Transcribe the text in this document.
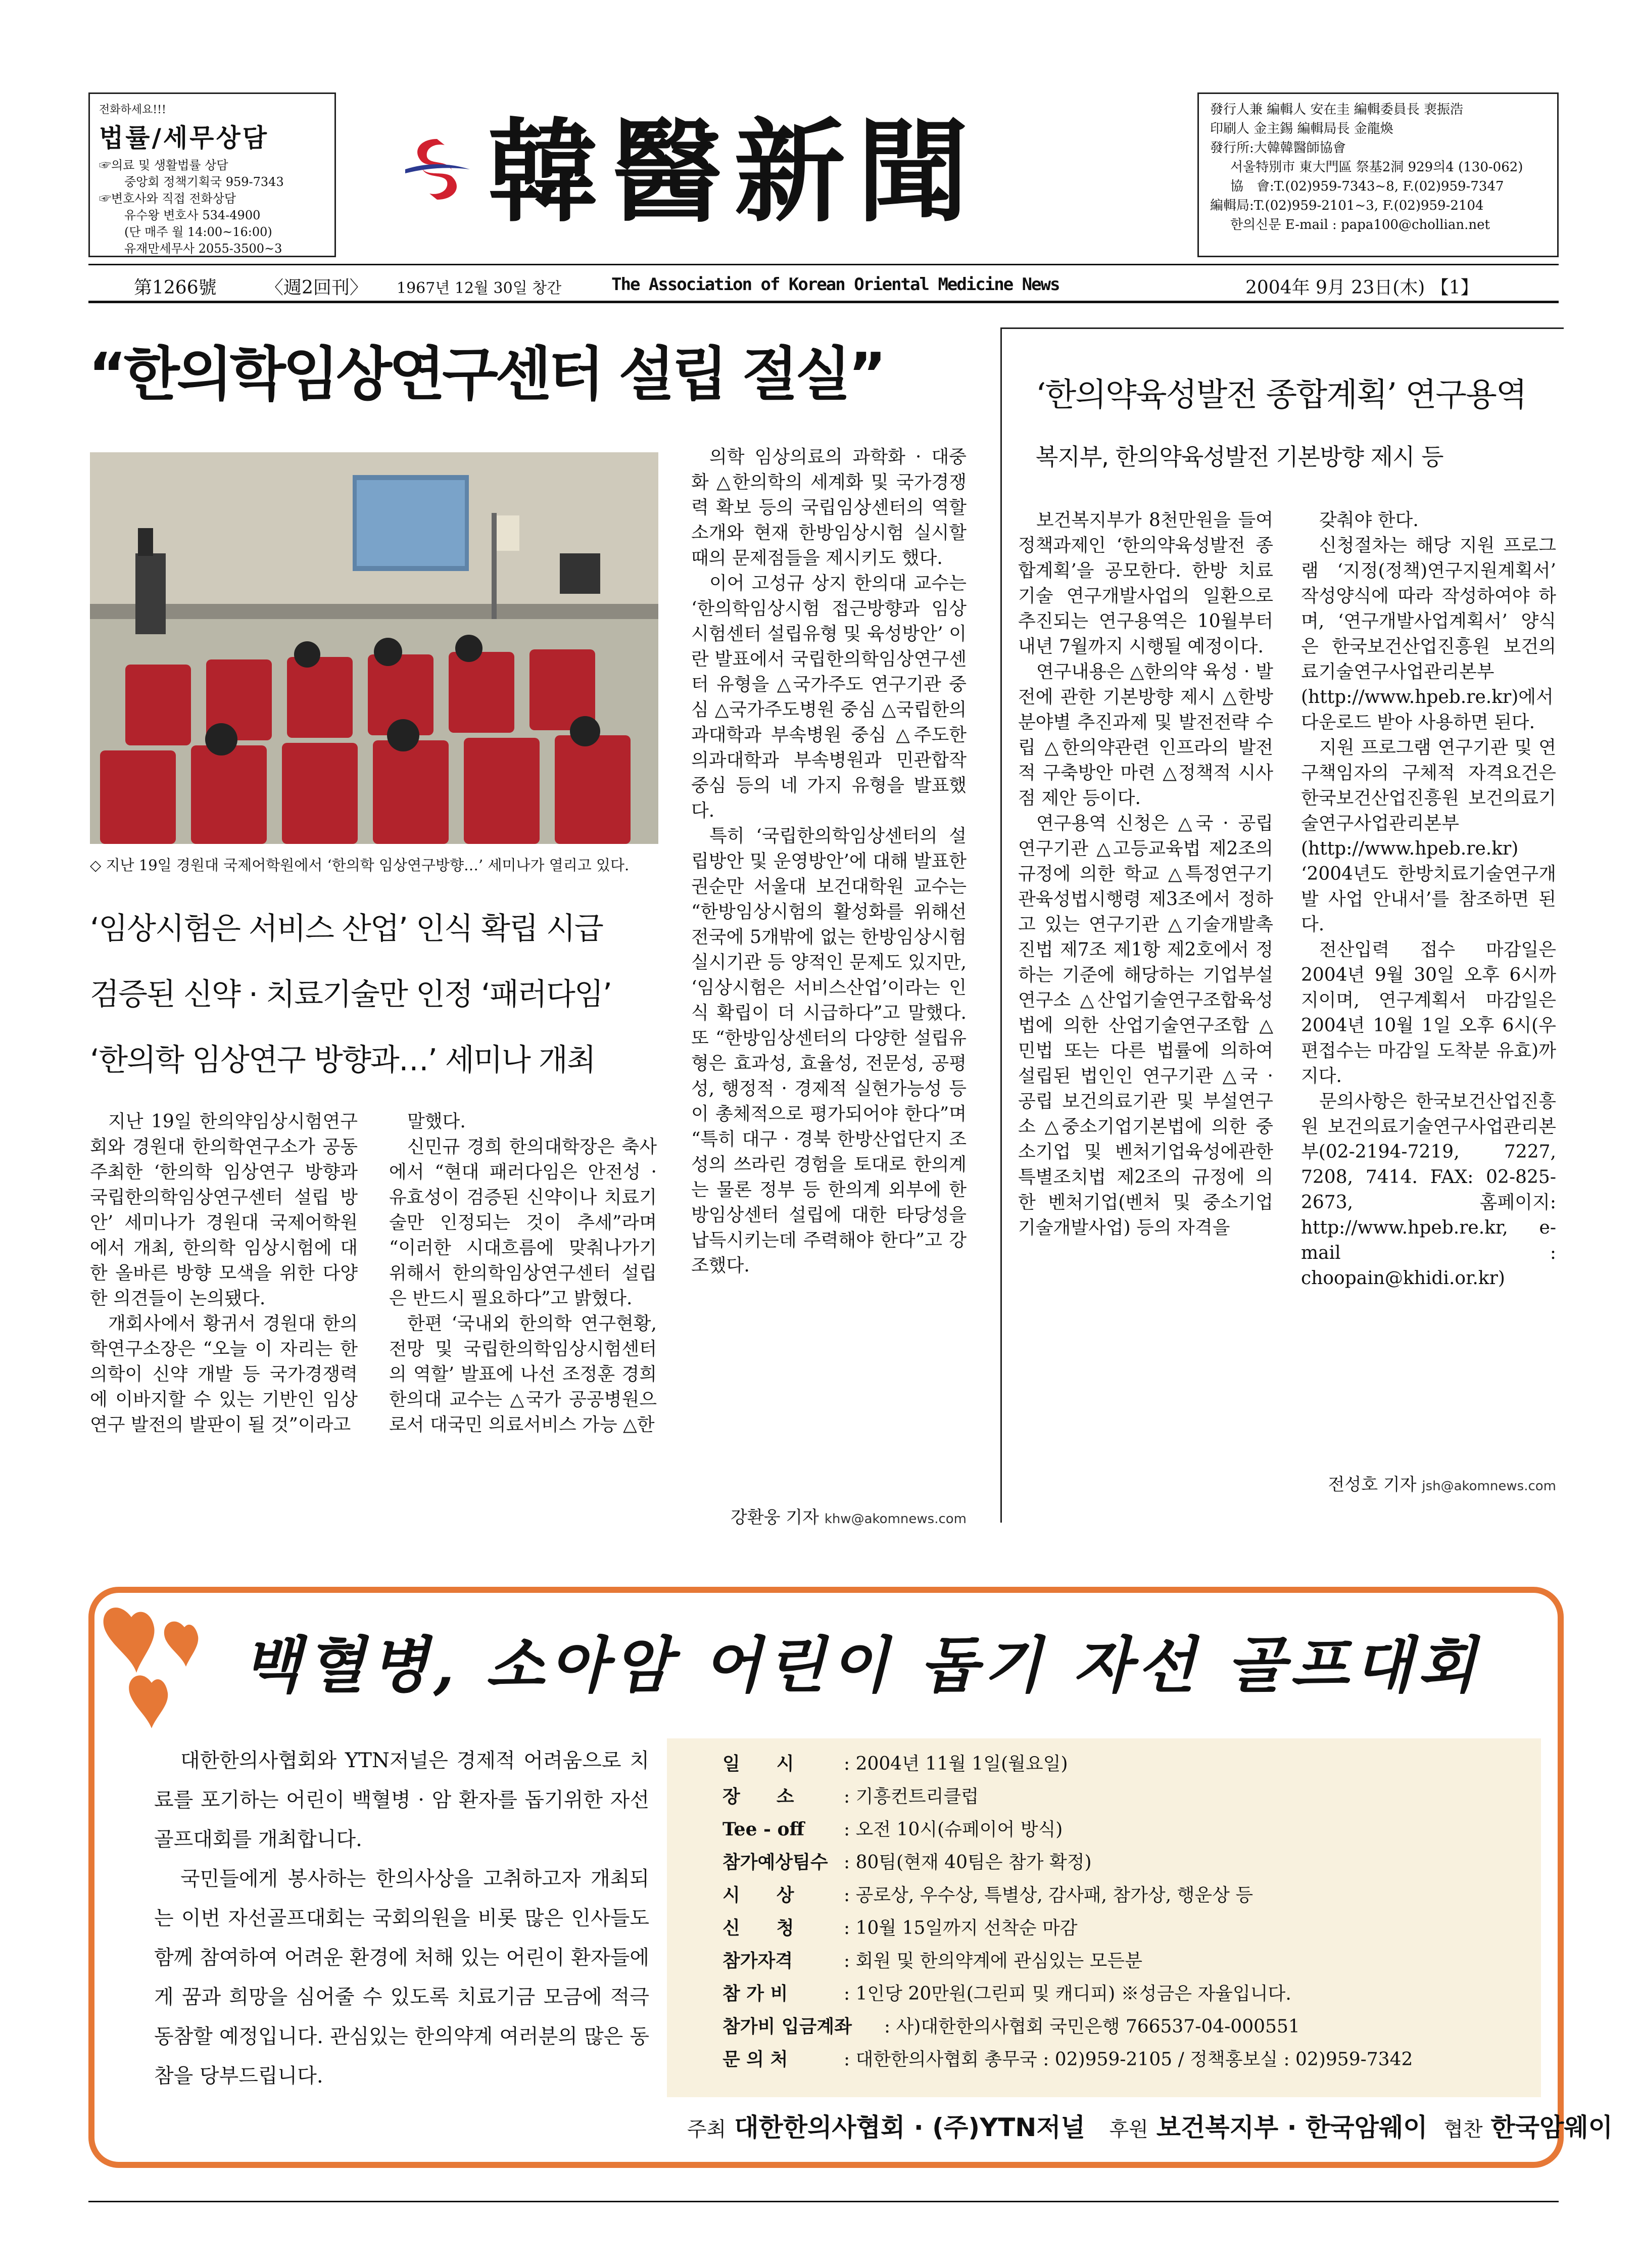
전화하세요!!!
법률/세무상담
☞의료 및 생활법률 상담
중앙회 정책기획국 959-7343
☞변호사와 직접 전화상담
유수왕 변호사 534-4900
(단 매주 월 14:00~16:00)
유재만세무사 2055-3500~3
韓醫新聞	發行人兼 編輯人 安在圭 編輯委員長 裵振浩
印刷人 金主錫 編輯局長 金龍煥
發行所:大韓韓醫師協會
서울特別市 東大門區 祭基2洞 929의4 (130-062)
協　會:T.(02)959-7343~8, F.(02)959-7347
編輯局:T.(02)959-2101~3, F.(02)959-2104
한의신문 E-mail : papa100@chollian.net
第1266號	〈週2回刊〉 1967년 12월 30일 창간	The Association of Korean Oriental Medicine News	2004年 9月 23日(木) 【1】
“한의학임상연구센터 설립 절실”
◇ 지난 19일 경원대 국제어학원에서 ‘한의학 임상연구방향…’ 세미나가 열리고 있다.
‘임상시험은 서비스 산업’ 인식 확립 시급
검증된 신약 · 치료기술만 인정 ‘패러다임’
‘한의학 임상연구 방향과…’ 세미나 개최

지난 19일 한의약임상시험연구회와 경원대 한의학연구소가 공동 주최한 ‘한의학 임상연구 방향과 국립한의학임상연구센터 설립 방안’ 세미나가 경원대 국제어학원에서 개최, 한의학 임상시험에 대한 올바른 방향 모색을 위한 다양한 의견들이 논의됐다.

개회사에서 황귀서 경원대 한의학연구소장은 “오늘 이 자리는 한의학이 신약 개발 등 국가경쟁력에 이바지할 수 있는 기반인 임상연구 발전의 발판이 될 것”이라고

말했다.

신민규 경희 한의대학장은 축사에서 “현대 패러다임은 안전성 · 유효성이 검증된 신약이나 치료기술만 인정되는 것이 추세”라며 “이러한 시대흐름에 맞춰나가기 위해서 한의학임상연구센터 설립은 반드시 필요하다”고 밝혔다.

한편 ‘국내외 한의학 연구현황, 전망 및 국립한의학임상시험센터의 역할’ 발표에 나선 조정훈 경희한의대 교수는 △국가 공공병원으로서 대국민 의료서비스 가능 △한

의학 임상의료의 과학화 · 대중화 △한의학의 세계화 및 국가경쟁력 확보 등의 국립임상센터의 역할 소개와 현재 한방임상시험 실시할 때의 문제점들을 제시키도 했다.

이어 고성규 상지 한의대 교수는 ‘한의학임상시험 접근방향과 임상시험센터 설립유형 및 육성방안’ 이란 발표에서 국립한의학임상연구센터 유형을 △국가주도 연구기관 중심 △국가주도병원 중심 △국립한의과대학과 부속병원 중심 △주도한의과대학과 부속병원과 민관합작 중심 등의 네 가지 유형을 발표했다.

특히 ‘국립한의학임상센터의 설립방안 및 운영방안’에 대해 발표한 권순만 서울대 보건대학원 교수는 “한방임상시험의 활성화를 위해선 전국에 5개밖에 없는 한방임상시험실시기관 등 양적인 문제도 있지만, ‘임상시험은 서비스산업’이라는 인식 확립이 더 시급하다”고 말했다. 또 “한방임상센터의 다양한 설립유형은 효과성, 효율성, 전문성, 공평성, 행정적 · 경제적 실현가능성 등이 총체적으로 평가되어야 한다”며 “특히 대구 · 경북 한방산업단지 조성의 쓰라린 경험을 토대로 한의계는 물론 정부 등 한의계 외부에 한방임상센터 설립에 대한 타당성을 납득시키는데 주력해야 한다”고 강조했다.

강환웅 기자 khw@akomnews.com
‘한의약육성발전 종합계획’ 연구용역
복지부, 한의약육성발전 기본방향 제시 등

보건복지부가 8천만원을 들여 정책과제인 ‘한의약육성발전 종합계획’을 공모한다. 한방 치료기술 연구개발사업의 일환으로 추진되는 연구용역은 10월부터 내년 7월까지 시행될 예정이다.

연구내용은 △한의약 육성 · 발전에 관한 기본방향 제시 △한방분야별 추진과제 및 발전전략 수립 △한의약관련 인프라의 발전적 구축방안 마련 △정책적 시사점 제안 등이다.

연구용역 신청은 △국 · 공립 연구기관 △고등교육법 제2조의 규정에 의한 학교 △특정연구기관육성법시행령 제3조에서 정하고 있는 연구기관 △기술개발촉진법 제7조 제1항 제2호에서 정하는 기준에 해당하는 기업부설연구소 △산업기술연구조합육성법에 의한 산업기술연구조합 △민법 또는 다른 법률에 의하여 설립된 법인인 연구기관 △국 · 공립 보건의료기관 및 부설연구소 △중소기업기본법에 의한 중소기업 및 벤처기업육성에관한특별조치법 제2조의 규정에 의한 벤처기업(벤처 및 중소기업 기술개발사업) 등의 자격을

갖춰야 한다.

신청절차는 해당 지원 프로그램 ‘지정(정책)연구지원계획서’ 작성양식에 따라 작성하여야 하며, ‘연구개발사업계획서’ 양식은 한국보건산업진흥원 보건의료기술연구사업관리본부(http://www.hpeb.re.kr)에서 다운로드 받아 사용하면 된다.

지원 프로그램 연구기관 및 연구책임자의 구체적 자격요건은 한국보건산업진흥원 보건의료기술연구사업관리본부(http://www.hpeb.re.kr) ‘2004년도 한방치료기술연구개발 사업 안내서’를 참조하면 된다.

전산입력 접수 마감일은 2004년 9월 30일 오후 6시까지이며, 연구계획서 마감일은 2004년 10월 1일 오후 6시(우편접수는 마감일 도착분 유효)까지다.

문의사항은 한국보건산업진흥원 보건의료기술연구사업관리본부(02-2194-7219, 7227, 7208, 7414. FAX: 02-825-2673, 홈페이지: http://www.hpeb.re.kr, e-mail : choopain@khidi.or.kr)

전성호 기자 jsh@akomnews.com
백혈병, 소아암 어린이 돕기 자선 골프대회

대한한의사협회와 YTN저널은 경제적 어려움으로 치료를 포기하는 어린이 백혈병 · 암 환자를 돕기위한 자선 골프대회를 개최합니다.

국민들에게 봉사하는 한의사상을 고취하고자 개최되는 이번 자선골프대회는 국회의원을 비롯 많은 인사들도 함께 참여하여 어려운 환경에 처해 있는 어린이 환자들에게 꿈과 희망을 심어줄 수 있도록 치료기금 모금에 적극 동참할 예정입니다. 관심있는 한의약계 여러분의 많은 동참을 당부드립니다.

일　　시	: 2004년 11월 1일(월요일)
장　　소	: 기흥컨트리클럽
Tee - off : 오전 10시(슈페이어 방식)
참가예상팀수 : 80팀(현재 40팀은 참가 확정)
시　　상	: 공로상, 우수상, 특별상, 감사패, 참가상, 행운상 등
신　　청	: 10월 15일까지 선착순 마감
참가자격	: 회원 및 한의약계에 관심있는 모든분
참 가 비	: 1인당 20만원(그린피 및 캐디피) ※성금은 자율입니다.
참가비 입금계좌 : 사)대한한의사협회 국민은행 766537-04-000551
문 의 처	: 대한한의사협회 총무국 : 02)959-2105 / 정책홍보실 : 02)959-7342
주최 대한한의사협회 · (주)YTN저널 후원 보건복지부 · 한국암웨이 협찬 한국암웨이
